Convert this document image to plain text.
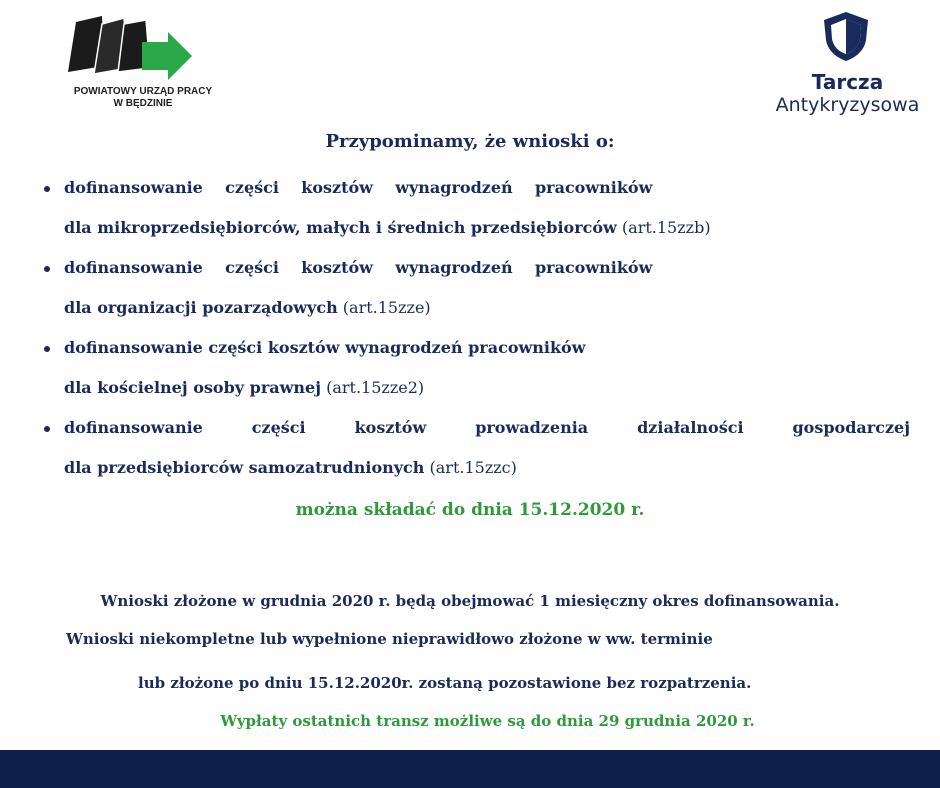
POWIATOWY URZĄD PRACY
W BĘDZINIE
Tarcza
Antykryzysowa
Przypominamy, że wnioski o:
dofinansowanie części kosztów wynagrodzeń pracowników
dla mikroprzedsiębiorców, małych i średnich przedsiębiorców (art.15zzb)
dofinansowanie części kosztów wynagrodzeń pracowników
dla organizacji pozarządowych (art.15zze)
dofinansowanie części kosztów wynagrodzeń pracowników
dla kościelnej osoby prawnej (art.15zze2)
dofinansowanie	części	kosztów	prowadzenia	działalności	gospodarczej
dla przedsiębiorców samozatrudnionych (art.15zzc)
można składać do dnia 15.12.2020 r.
Wnioski złożone w grudnia 2020 r. będą obejmować 1 miesięczny okres dofinansowania.
Wnioski niekompletne lub wypełnione nieprawidłowo złożone w ww. terminie
lub złożone po dniu 15.12.2020r. zostaną pozostawione bez rozpatrzenia.
Wypłaty ostatnich transz możliwe są do dnia 29 grudnia 2020 r.
